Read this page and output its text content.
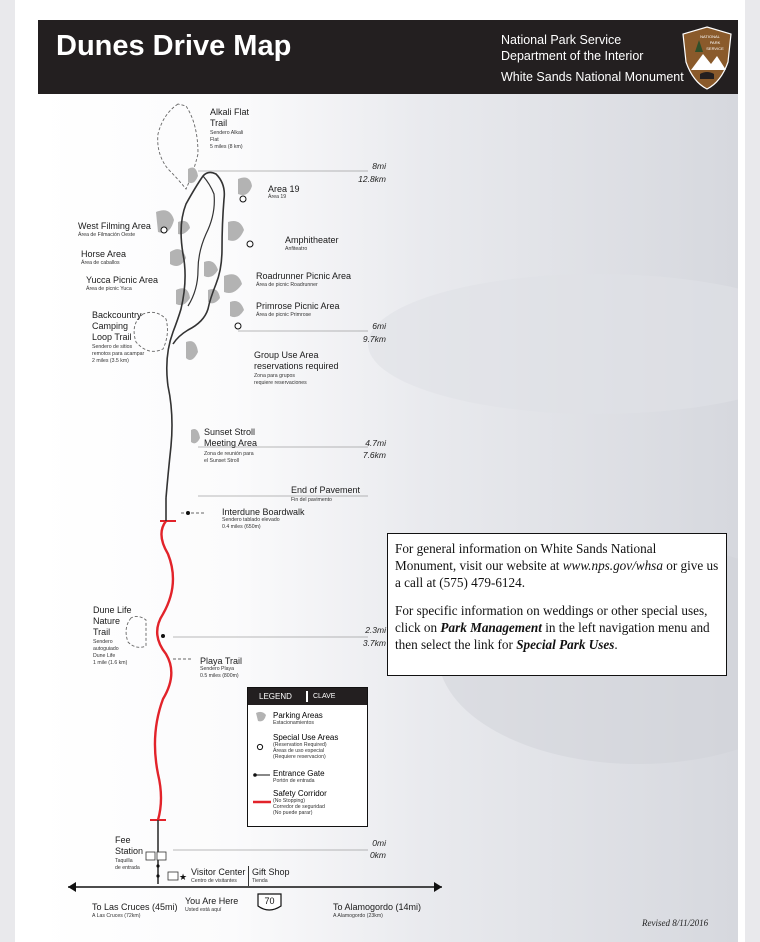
Dunes Drive Map	National Park Service
Department of the Interior
White Sands National Monument
NATIONAL
PARK
SERVICE
★
70
Alkali Flat
Trail
Sendero Alkali
Flat
5 miles (8 km)
Area 19
Área 19
West Filming Area
Área de Filmación Oeste	Amphitheater
Anfiteatro
Horse Area
Área de caballos
Yucca Picnic Area
Área de picnic Yuca
Roadrunner Picnic Area
Área de picnic Roadrunner
Primrose Picnic Area
Área de picnic Primrose
Backcountry
Camping
Loop Trail
Sendero de sitios
remotos para acampar
2 miles (3.5 km)
Group Use Area
reservations required
Zona para grupos
requiere reservaciones
Sunset Stroll
Meeting Area
Zona de reunión para
el Sunset Stroll
End of Pavement
Fin del pavimento
Interdune Boardwalk
Sendero tablado elevado
0.4 miles (650m)
Dune Life
Nature
Trail
Sendero
autoguiado
Dune Life
1 mile (1.6 km)	Playa Trail
Sendero Playa
0.5 miles (800m)
Fee
Station
Taquilla
de entrada	Visitor Center
Centro de visitantes
Gift Shop
Tienda
You Are Here
Usted está aquí
To Las Cruces (45mi)
A Las Cruces (72km)
To Alamogordo (14mi)
A Alamogordo (23km)
8mi
12.8km
6mi
9.7km
4.7mi
7.6km
2.3mi
3.7km
0mi
0km

For general information on White Sands National Monument, visit our website at www.nps.gov/whsa or give us a call at (575) 479-6124.

For specific information on weddings or other special uses, click on Park Management in the left navigation menu and then select the link for Special Park Uses.

LEGEND	CLAVE
Parking Areas
Estacionamientos
Special Use Areas
(Reservation Required)
Áreas de uso especial
(Requiere reservacion)
Entrance Gate
Portón de entrada
Safety Corridor
(No Stopping)
Corredor de seguridad
(No puede parar)
Revised 8/11/2016
